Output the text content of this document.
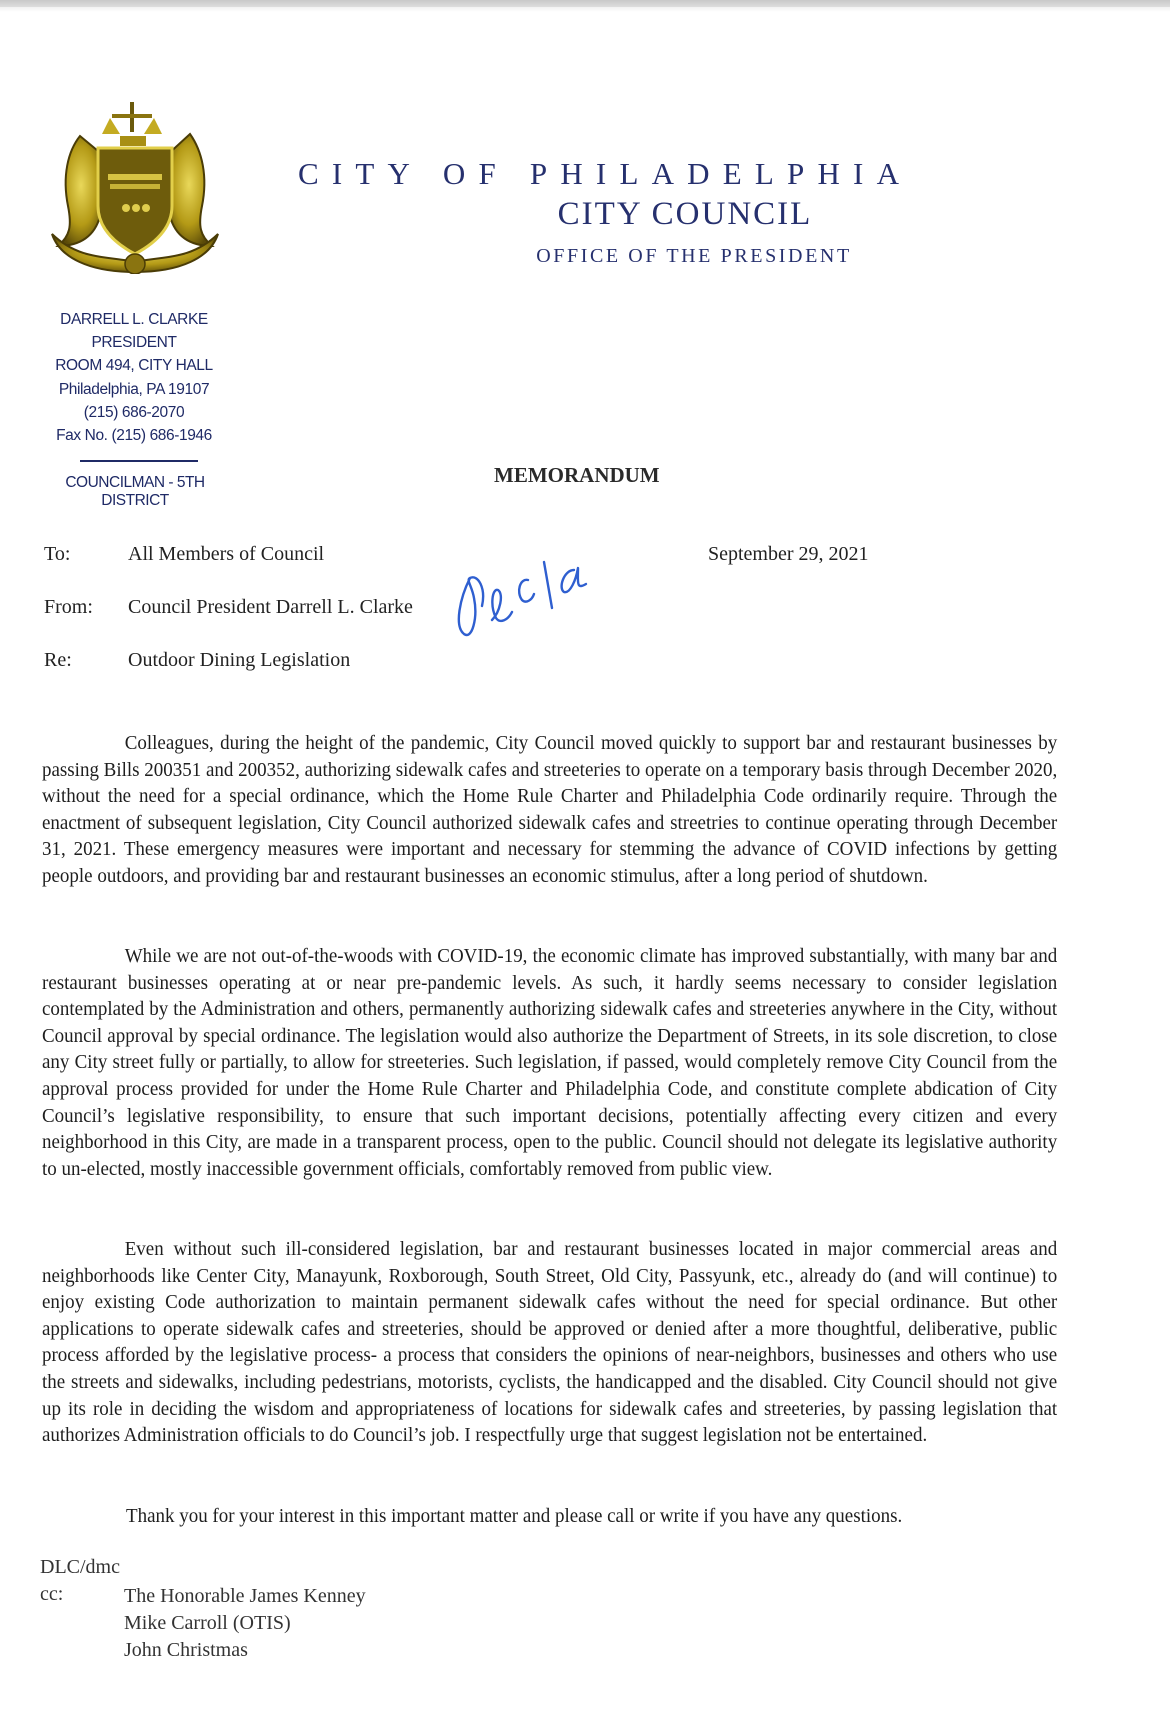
CITY OF PHILADELPHIA
CITY COUNCIL
OFFICE OF THE PRESIDENT
DARRELL L. CLARKE
PRESIDENT
ROOM 494, CITY HALL
Philadelphia, PA 19107
(215) 686-2070
Fax No. (215) 686-1946
COUNCILMAN - 5TH DISTRICT
MEMORANDUM
To:	All Members of Council	September 29, 2021
From: Council President Darrell L. Clarke
Re:	Outdoor Dining Legislation

Colleagues, during the height of the pandemic, City Council moved quickly to support bar and restaurant businesses by passing Bills 200351 and 200352, authorizing sidewalk cafes and streeteries to operate on a temporary basis through December 2020, without the need for a special ordinance, which the Home Rule Charter and Philadelphia Code ordinarily require. Through the enactment of subsequent legislation, City Council authorized sidewalk cafes and streetries to continue operating through December 31, 2021. These emergency measures were important and necessary for stemming the advance of COVID infections by getting people outdoors, and providing bar and restaurant businesses an economic stimulus, after a long period of shutdown.

While we are not out-of-the-woods with COVID-19, the economic climate has improved substantially, with many bar and restaurant businesses operating at or near pre-pandemic levels. As such, it hardly seems necessary to consider legislation contemplated by the Administration and others, permanently authorizing sidewalk cafes and streeteries anywhere in the City, without Council approval by special ordinance. The legislation would also authorize the Department of Streets, in its sole discretion, to close any City street fully or partially, to allow for streeteries. Such legislation, if passed, would completely remove City Council from the approval process provided for under the Home Rule Charter and Philadelphia Code, and constitute complete abdication of City Council’s legislative responsibility, to ensure that such important decisions, potentially affecting every citizen and every neighborhood in this City, are made in a transparent process, open to the public. Council should not delegate its legislative authority to un-elected, mostly inaccessible government officials, comfortably removed from public view.

Even without such ill-considered legislation, bar and restaurant businesses located in major commercial areas and neighborhoods like Center City, Manayunk, Roxborough, South Street, Old City, Passyunk, etc., already do (and will continue) to enjoy existing Code authorization to maintain permanent sidewalk cafes without the need for special ordinance. But other applications to operate sidewalk cafes and streeteries, should be approved or denied after a more thoughtful, deliberative, public process afforded by the legislative process- a process that considers the opinions of near-neighbors, businesses and others who use the streets and sidewalks, including pedestrians, motorists, cyclists, the handicapped and the disabled. City Council should not give up its role in deciding the wisdom and appropriateness of locations for sidewalk cafes and streeteries, by passing legislation that authorizes Administration officials to do Council’s job. I respectfully urge that suggest legislation not be entertained.

Thank you for your interest in this important matter and please call or write if you have any questions.
DLC/dmc
cc:	The Honorable James Kenney
Mike Carroll (OTIS)
John Christmas
